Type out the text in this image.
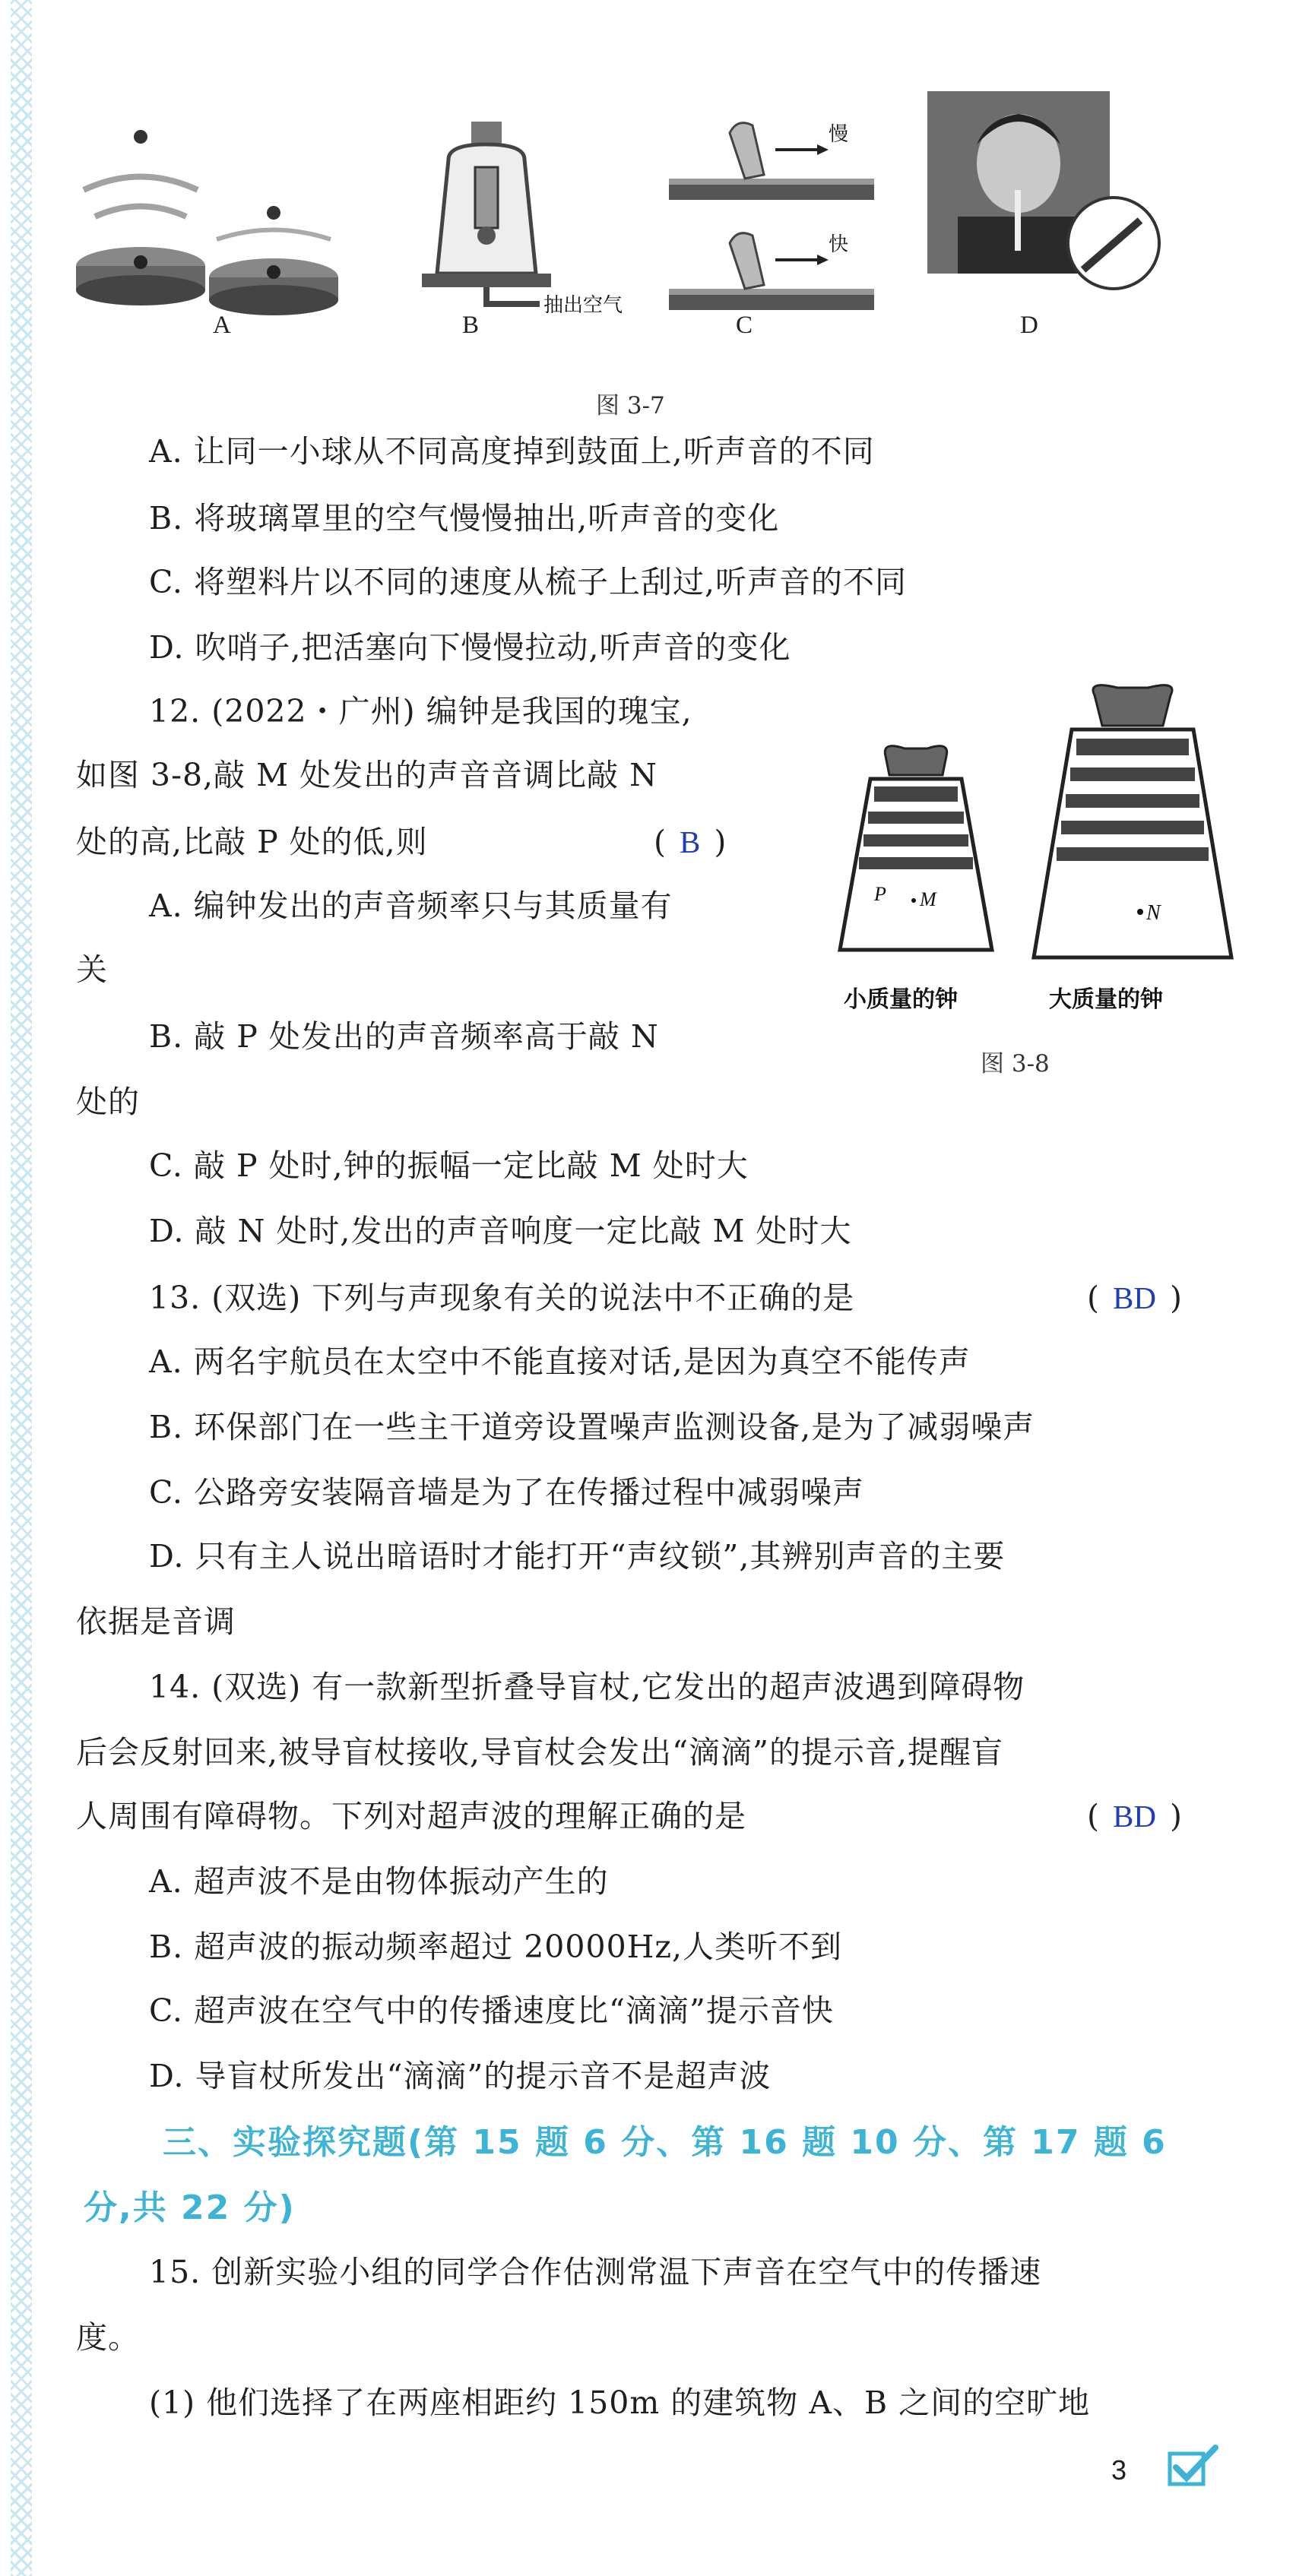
抽出空气
慢
快
A	B	C	D
图 3-7
A. 让同一小球从不同高度掉到鼓面上,听声音的不同
B. 将玻璃罩里的空气慢慢抽出,听声音的变化
C. 将塑料片以不同的速度从梳子上刮过,听声音的不同
D. 吹哨子,把活塞向下慢慢拉动,听声音的变化
12. (2022・广州) 编钟是我国的瑰宝,
如图 3-8,敲 M 处发出的声音音调比敲 N
处的高,比敲 P 处的低,则	( B )
A. 编钟发出的声音频率只与其质量有
关
B. 敲 P 处发出的声音频率高于敲 N
处的
C. 敲 P 处时,钟的振幅一定比敲 M 处时大
D. 敲 N 处时,发出的声音响度一定比敲 M 处时大
P M
N
小质量的钟	大质量的钟
图 3-8
13. (双选) 下列与声现象有关的说法中不正确的是	( BD )
A. 两名宇航员在太空中不能直接对话,是因为真空不能传声
B. 环保部门在一些主干道旁设置噪声监测设备,是为了减弱噪声
C. 公路旁安装隔音墙是为了在传播过程中减弱噪声
D. 只有主人说出暗语时才能打开“声纹锁”,其辨别声音的主要
依据是音调
14. (双选) 有一款新型折叠导盲杖,它发出的超声波遇到障碍物
后会反射回来,被导盲杖接收,导盲杖会发出“滴滴”的提示音,提醒盲
人周围有障碍物。下列对超声波的理解正确的是	( BD )
A. 超声波不是由物体振动产生的
B. 超声波的振动频率超过 20000Hz,人类听不到
C. 超声波在空气中的传播速度比“滴滴”提示音快
D. 导盲杖所发出“滴滴”的提示音不是超声波
三、实验探究题(第 15 题 6 分、第 16 题 10 分、第 17 题 6
分,共 22 分)
15. 创新实验小组的同学合作估测常温下声音在空气中的传播速
度。
(1) 他们选择了在两座相距约 150m 的建筑物 A、B 之间的空旷地
3
